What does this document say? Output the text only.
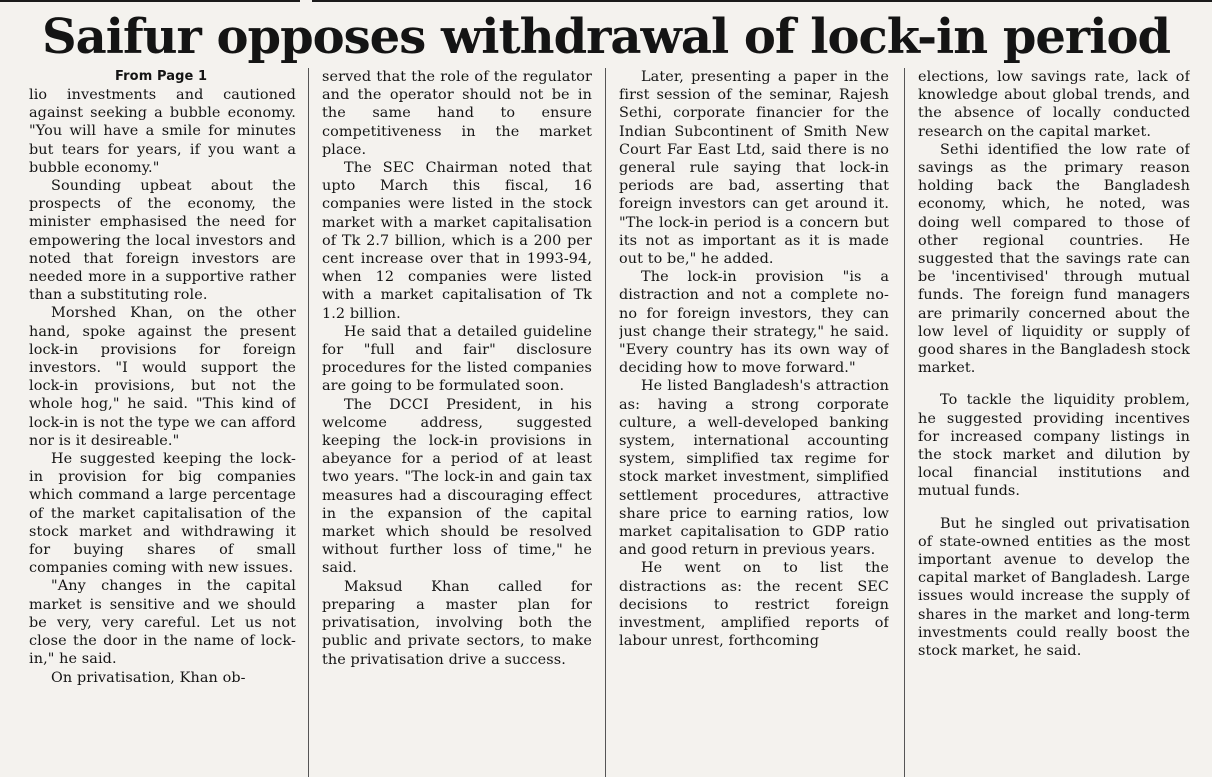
Saifur opposes withdrawal of lock-in period
From Page 1

lio investments and cautioned against seeking a bubble economy. "You will have a smile for minutes but tears for years, if you want a bubble economy."

Sounding upbeat about the prospects of the economy, the minister emphasised the need for empowering the local investors and noted that foreign investors are needed more in a supportive rather than a substituting role.

Morshed Khan, on the other hand, spoke against the present lock-in provisions for foreign investors. "I would support the lock-in provisions, but not the whole hog," he said. "This kind of lock-in is not the type we can afford nor is it desireable."

He suggested keeping the lock-in provision for big companies which command a large percentage of the market capitalisation of the stock market and withdrawing it for buying shares of small companies coming with new issues.

"Any changes in the capital market is sensitive and we should be very, very careful. Let us not close the door in the name of lock-in," he said.

On privatisation, Khan ob-

served that the role of the regulator and the operator should not be in the same hand to ensure competitiveness in the market place.

The SEC Chairman noted that upto March this fiscal, 16 companies were listed in the stock market with a market capitalisation of Tk 2.7 billion, which is a 200 per cent increase over that in 1993-94, when 12 companies were listed with a market capitalisation of Tk 1.2 billion.

He said that a detailed guideline for "full and fair" disclosure procedures for the listed companies are going to be formulated soon.

The DCCI President, in his welcome address, suggested keeping the lock-in provisions in abeyance for a period of at least two years. "The lock-in and gain tax measures had a discouraging effect in the expansion of the capital market which should be resolved without further loss of time," he said.

Maksud Khan called for preparing a master plan for privatisation, involving both the public and private sectors, to make the privatisation drive a success.

Later, presenting a paper in the first session of the seminar, Rajesh Sethi, corporate financier for the Indian Subcontinent of Smith New Court Far East Ltd, said there is no general rule saying that lock-in periods are bad, asserting that foreign investors can get around it. "The lock-in period is a concern but its not as important as it is made out to be," he added.

The lock-in provision "is a distraction and not a complete no-no for foreign investors, they can just change their strategy," he said. "Every country has its own way of deciding how to move forward."

He listed Bangladesh's attraction as: having a strong corporate culture, a well-developed banking system, international accounting system, simplified tax regime for stock market investment, simplified settlement procedures, attractive share price to earning ratios, low market capitalisation to GDP ratio and good return in previous years.

He went on to list the distractions as: the recent SEC decisions to restrict foreign investment, amplified reports of labour unrest, forthcoming

elections, low savings rate, lack of knowledge about global trends, and the absence of locally conducted research on the capital market.

Sethi identified the low rate of savings as the primary reason holding back the Bangladesh economy, which, he noted, was doing well compared to those of other regional countries. He suggested that the savings rate can be 'incentivised' through mutual funds. The foreign fund managers are primarily concerned about the low level of liquidity or supply of good shares in the Bangladesh stock market.

To tackle the liquidity problem, he suggested providing incentives for increased company listings in the stock market and dilution by local financial institutions and mutual funds.

But he singled out privatisation of state-owned entities as the most important avenue to develop the capital market of Bangladesh. Large issues would increase the supply of shares in the market and long-term investments could really boost the stock market, he said.
